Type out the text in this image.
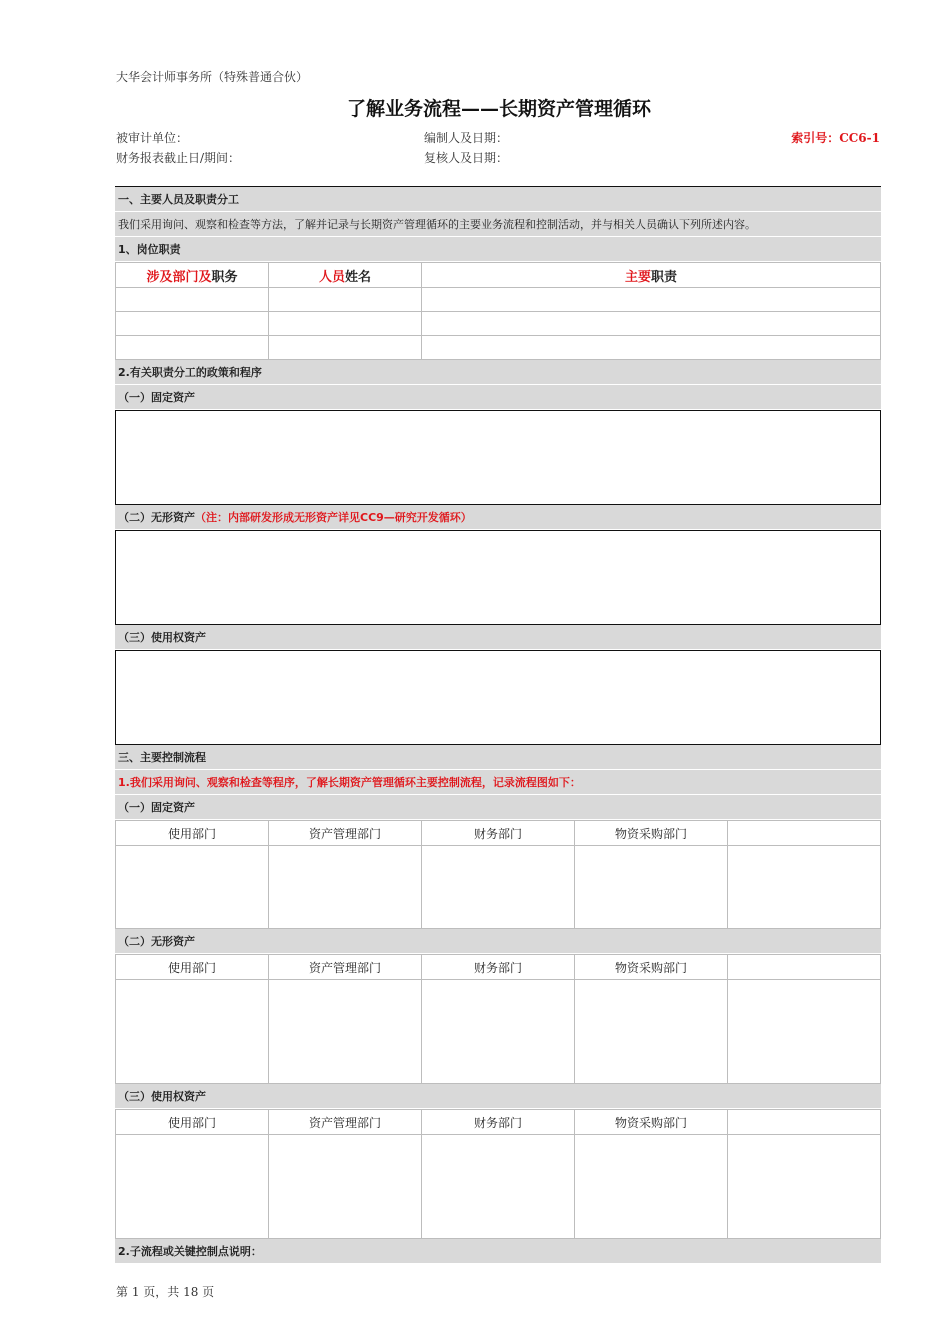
大华会计师事务所（特殊普通合伙）
了解业务流程——长期资产管理循环
被审计单位：
财务报表截止日/期间：
编制人及日期：
复核人及日期：
索引号：CC6-1
一、主要人员及职责分工
我们采用询问、观察和检查等方法，了解并记录与长期资产管理循环的主要业务流程和控制活动，并与相关人员确认下列所述内容。
1、岗位职责
涉及部门及职务	人员姓名	主要职责

2.有关职责分工的政策和程序
（一）固定资产
（二）无形资产（注：内部研发形成无形资产详见CC9—研究开发循环）
（三）使用权资产
三、主要控制流程
1.我们采用询问、观察和检查等程序，了解长期资产管理循环主要控制流程，记录流程图如下：
（一）固定资产
使用部门	资产管理部门	财务部门	物资采购部门	

（二）无形资产
使用部门	资产管理部门	财务部门	物资采购部门	

（三）使用权资产
使用部门	资产管理部门	财务部门	物资采购部门	

2.子流程或关键控制点说明：
第 1 页，共 18 页
